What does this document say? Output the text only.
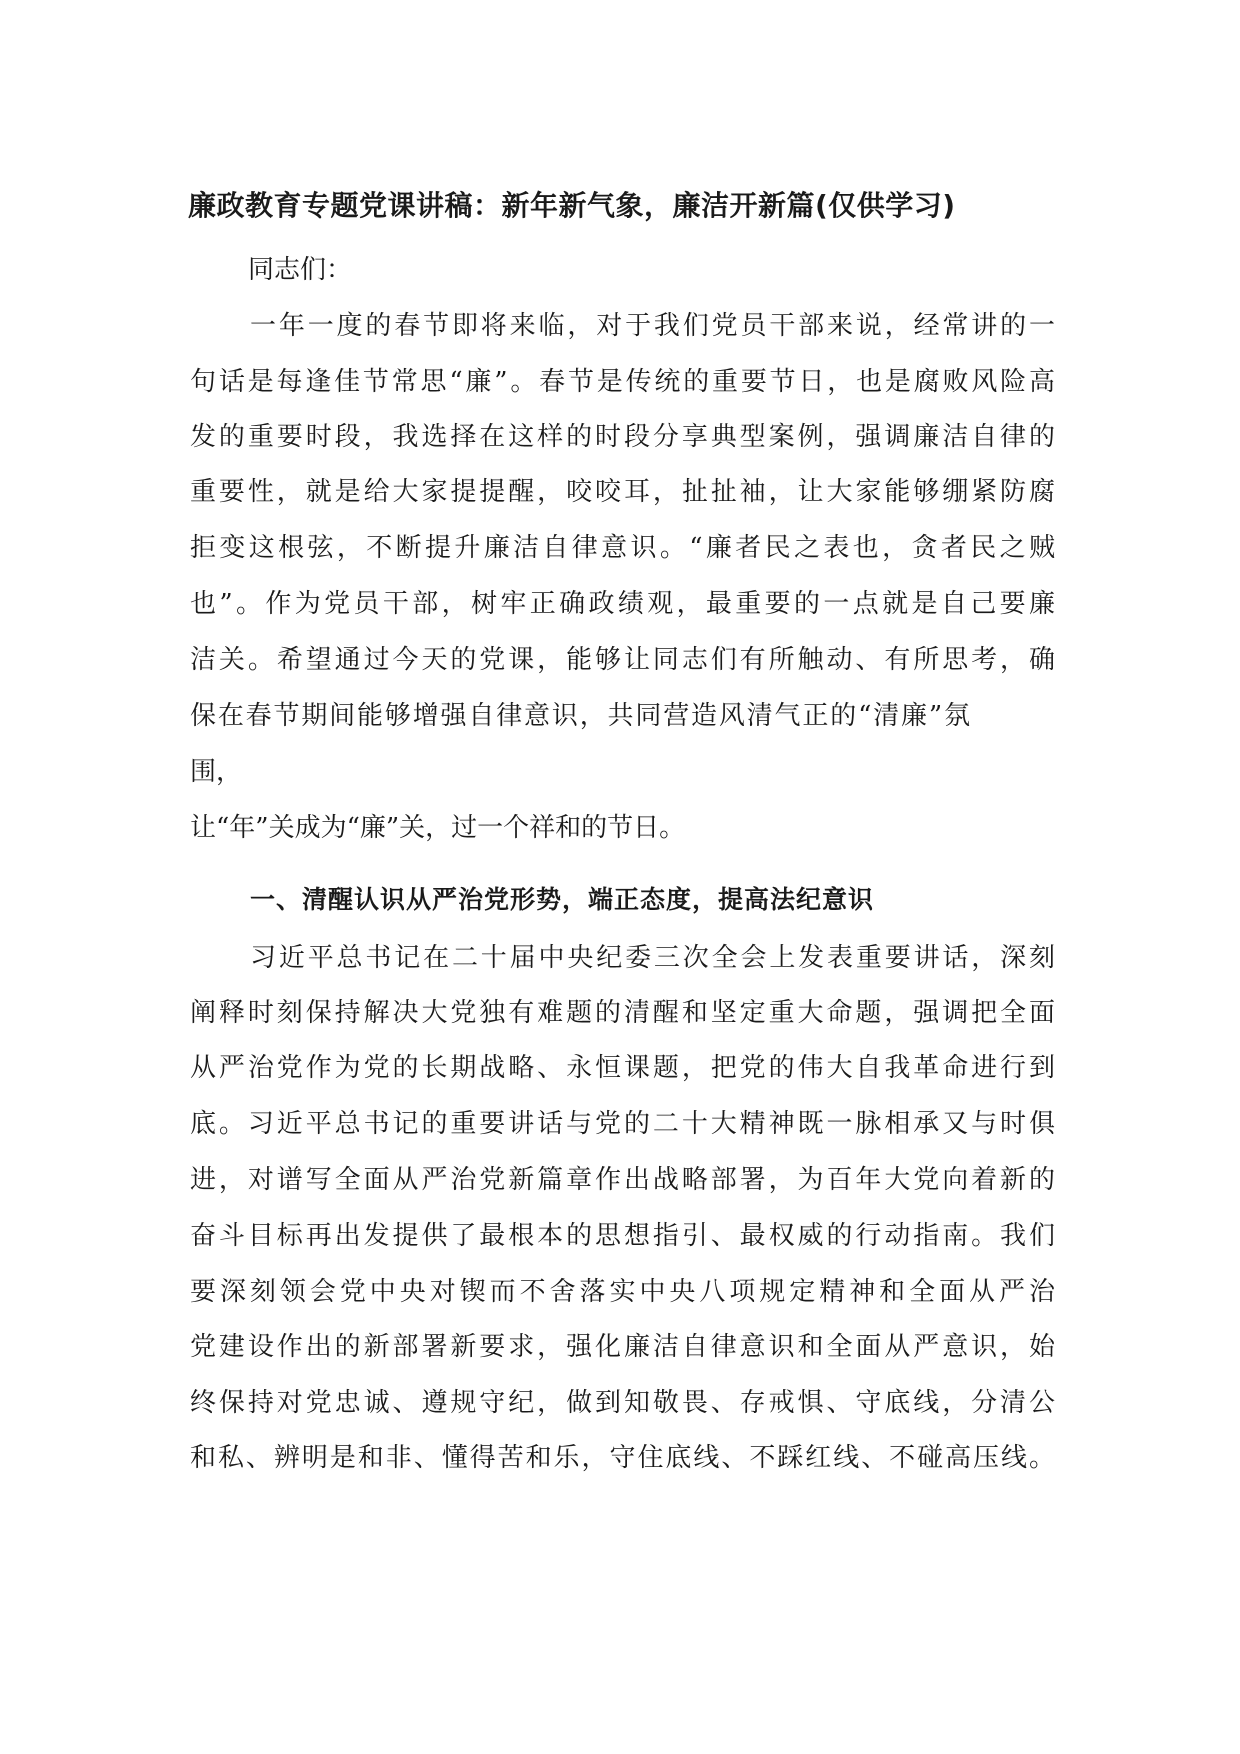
廉政教育专题党课讲稿：新年新气象，廉洁开新篇(仅供学习)
同志们：
一年一度的春节即将来临，对于我们党员干部来说，经常讲的一
句话是每逢佳节常思“廉”。春节是传统的重要节日，也是腐败风险高
发的重要时段，我选择在这样的时段分享典型案例，强调廉洁自律的
重要性，就是给大家提提醒，咬咬耳，扯扯袖，让大家能够绷紧防腐
拒变这根弦，不断提升廉洁自律意识。“廉者民之表也，贪者民之贼
也”。作为党员干部，树牢正确政绩观，最重要的一点就是自己要廉
洁关。希望通过今天的党课，能够让同志们有所触动、有所思考，确
保在春节期间能够增强自律意识，共同营造风清气正的“清廉”氛
围，
让“年”关成为“廉”关，过一个祥和的节日。
一、清醒认识从严治党形势，端正态度，提高法纪意识
习近平总书记在二十届中央纪委三次全会上发表重要讲话，深刻
阐释时刻保持解决大党独有难题的清醒和坚定重大命题，强调把全面
从严治党作为党的长期战略、永恒课题，把党的伟大自我革命进行到
底。习近平总书记的重要讲话与党的二十大精神既一脉相承又与时俱
进，对谱写全面从严治党新篇章作出战略部署，为百年大党向着新的
奋斗目标再出发提供了最根本的思想指引、最权威的行动指南。我们
要深刻领会党中央对锲而不舍落实中央八项规定精神和全面从严治
党建设作出的新部署新要求，强化廉洁自律意识和全面从严意识，始
终保持对党忠诚、遵规守纪，做到知敬畏、存戒惧、守底线，分清公
和私、辨明是和非、懂得苦和乐，守住底线、不踩红线、不碰高压线。
